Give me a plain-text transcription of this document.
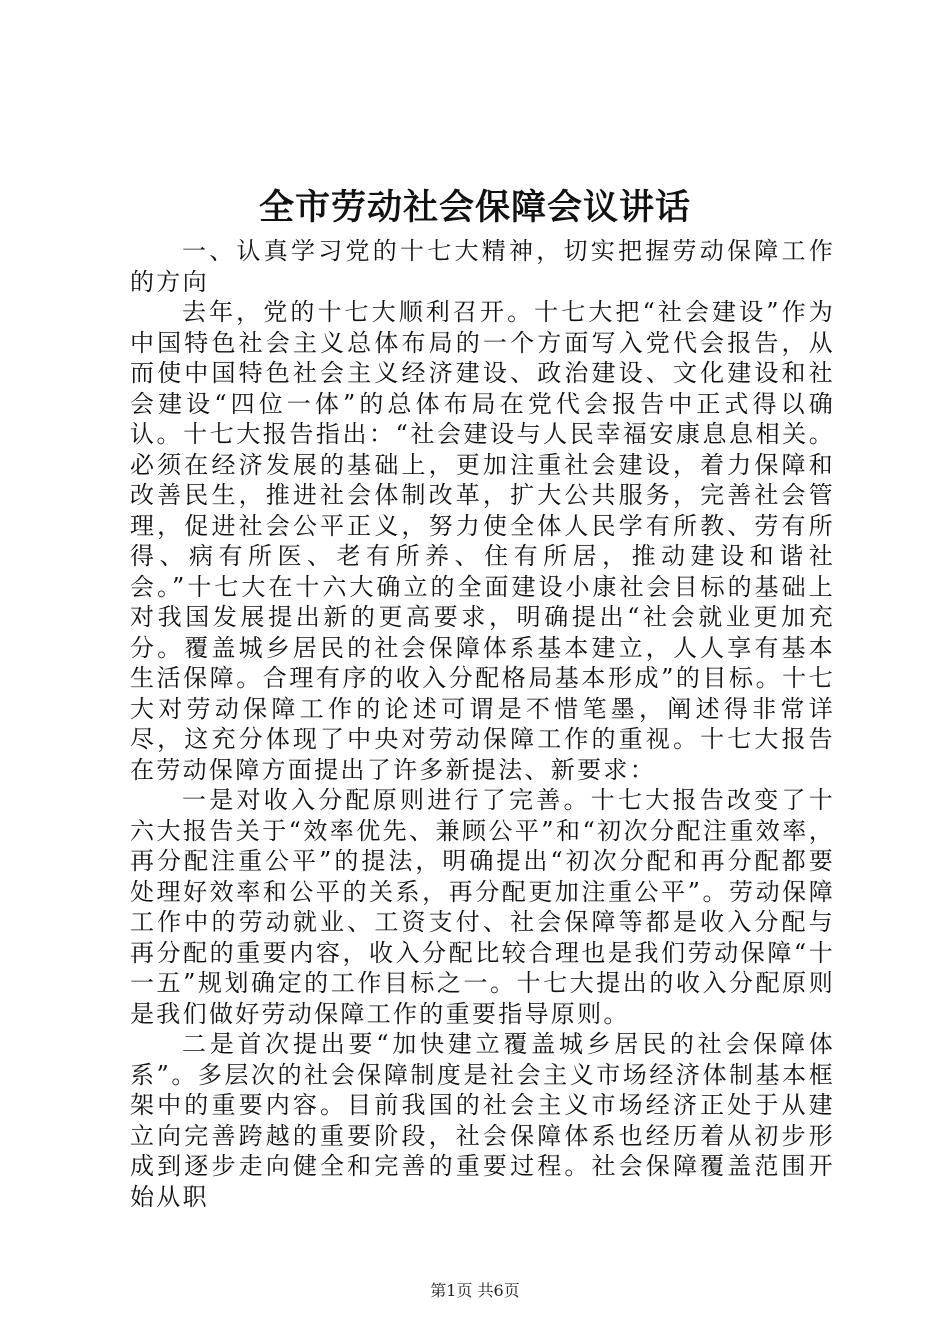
全市劳动社会保障会议讲话

一、认真学习党的十七大精神，切实把握劳动保障工作的方向

去年，党的十七大顺利召开。十七大把“社会建设”作为中国特色社会主义总体布局的一个方面写入党代会报告，从而使中国特色社会主义经济建设、政治建设、文化建设和社会建设“四位一体”的总体布局在党代会报告中正式得以确认。十七大报告指出：“社会建设与人民幸福安康息息相关。必须在经济发展的基础上，更加注重社会建设，着力保障和改善民生，推进社会体制改革，扩大公共服务，完善社会管理，促进社会公平正义，努力使全体人民学有所教、劳有所得、病有所医、老有所养、住有所居，推动建设和谐社会。”十七大在十六大确立的全面建设小康社会目标的基础上对我国发展提出新的更高要求，明确提出“社会就业更加充分。覆盖城乡居民的社会保障体系基本建立，人人享有基本生活保障。合理有序的收入分配格局基本形成”的目标。十七大对劳动保障工作的论述可谓是不惜笔墨，阐述得非常详尽，这充分体现了中央对劳动保障工作的重视。十七大报告在劳动保障方面提出了许多新提法、新要求：

一是对收入分配原则进行了完善。十七大报告改变了十六大报告关于“效率优先、兼顾公平”和“初次分配注重效率，再分配注重公平”的提法，明确提出“初次分配和再分配都要处理好效率和公平的关系，再分配更加注重公平”。劳动保障工作中的劳动就业、工资支付、社会保障等都是收入分配与再分配的重要内容，收入分配比较合理也是我们劳动保障“十一五”规划确定的工作目标之一。十七大提出的收入分配原则是我们做好劳动保障工作的重要指导原则。

二是首次提出要“加快建立覆盖城乡居民的社会保障体系”。多层次的社会保障制度是社会主义市场经济体制基本框架中的重要内容。目前我国的社会主义市场经济正处于从建立向完善跨越的重要阶段，社会保障体系也经历着从初步形成到逐步走向健全和完善的重要过程。社会保障覆盖范围开始从职

第1页 共6页
